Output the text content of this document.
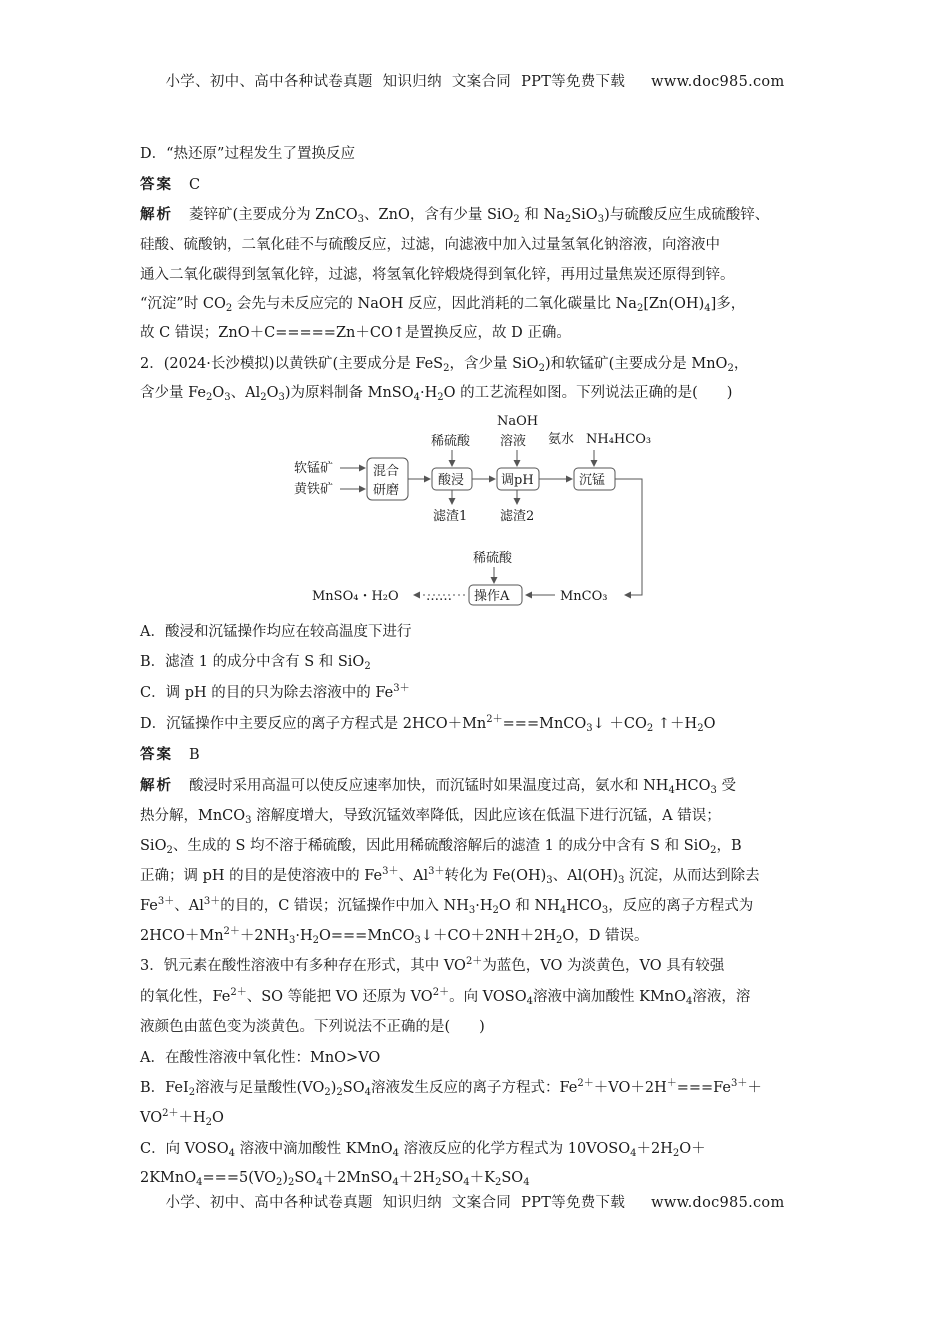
小学、初中、高中各种试卷真题 知识归纳 文案合同 PPT等免费下载 www.doc985.com
D．“热还原”过程发生了置换反应
答案 C
解析 菱锌矿(主要成分为 ZnCO$_3$、ZnO，含有少量 SiO$_2$ 和 $Na_2SiO_3$)与硫酸反应生成硫酸锌、
硅酸、硫酸钠，二氧化硅不与硫酸反应，过滤，向滤液中加入过量氢氧化钠溶液，向溶液中
通入二氧化碳得到氢氧化锌，过滤，将氢氧化锌煅烧得到氧化锌，再用过量焦炭还原得到锌。
“沉淀”时 $CO_2$ 会先与未反应完的 NaOH 反应，因此消耗的二氧化碳量比 $Na_2[Zn(OH)_4]$多，
故 C 错误；ZnO＋C=====Zn＋CO↑是置换反应，故 D 正确。
2．(2024·长沙模拟)以黄铁矿(主要成分是 FeS$_2$，含少量 SiO$_2$)和软锰矿(主要成分是 MnO$_2$，
含少量 $Fe_2O_3$、$Al_2O_3$)为原料制备 $MnSO_4\cdot H_2O$ 的工艺流程如图。下列说法正确的是(　　)
软锰矿
黄铁矿
混合
研磨
稀硫酸
酸浸
滤渣1
NaOH
溶液
调pH
滤渣2
氨水 NH₄HCO₃
沉锰
MnCO₃
稀硫酸
操作A
……
MnSO₄・H₂O
A．酸浸和沉锰操作均应在较高温度下进行
B．滤渣 1 的成分中含有 S 和 SiO$_2$
C．调 pH 的目的只为除去溶液中的 $Fe^{3+}$
D．沉锰操作中主要反应的离子方程式是 $2HCO+Mn^{2+}===MnCO_3↓ +CO_2$ $↑+H_2O$
答案 B
解析 酸浸时采用高温可以使反应速率加快，而沉锰时如果温度过高，氨水和 $NH_4HCO_3$ 受
热分解，MnCO$_3$ 溶解度增大，导致沉锰效率降低，因此应该在低温下进行沉锰，A 错误；
SiO$_2$、生成的 S 均不溶于稀硫酸，因此用稀硫酸溶解后的滤渣 1 的成分中含有 S 和 SiO$_2$，B
正确；调 pH 的目的是使溶液中的 $Fe^{3+}$、$Al^{3+}$转化为 $Fe(OH)_3$、$Al(OH)_3$ 沉淀，从而达到除去
$Fe^{3+}$、$Al^{3+}$的目的，C 错误；沉锰操作中加入 $NH_3\cdot H_2O$ 和 $NH_4HCO_3$，反应的离子方程式为
$2HCO+Mn^{2+}+2NH_3\cdot H_2O===MnCO_3↓+CO+2NH+2H_2O$，D 错误。
3．钒元素在酸性溶液中有多种存在形式，其中 $VO^{2+}$为蓝色，VO 为淡黄色，VO 具有较强
的氧化性，$Fe^{2+}$、SO 等能把 VO 还原为 $VO^{2+}$。向 $VOSO_4$溶液中滴加酸性 KMnO$_4$溶液，溶
液颜色由蓝色变为淡黄色。下列说法不正确的是(　　)
A．在酸性溶液中氧化性：MnO>VO
B．FeI$_2$溶液与足量酸性$(VO_2)_2SO_4$溶液发生反应的离子方程式：$Fe^{2+}+VO+2H^+===Fe^{3+}+$
$VO^{2+}+H_2O$
C．向 $VOSO_4$ 溶液中滴加酸性 KMnO$_4$ 溶液反应的化学方程式为 $10VOSO_4+2H_2O+$
$2KMnO_4===5(VO_2)_2SO_4+2MnSO_4+2H_2SO_4+K_2SO_4$
小学、初中、高中各种试卷真题 知识归纳 文案合同 PPT等免费下载 www.doc985.com
